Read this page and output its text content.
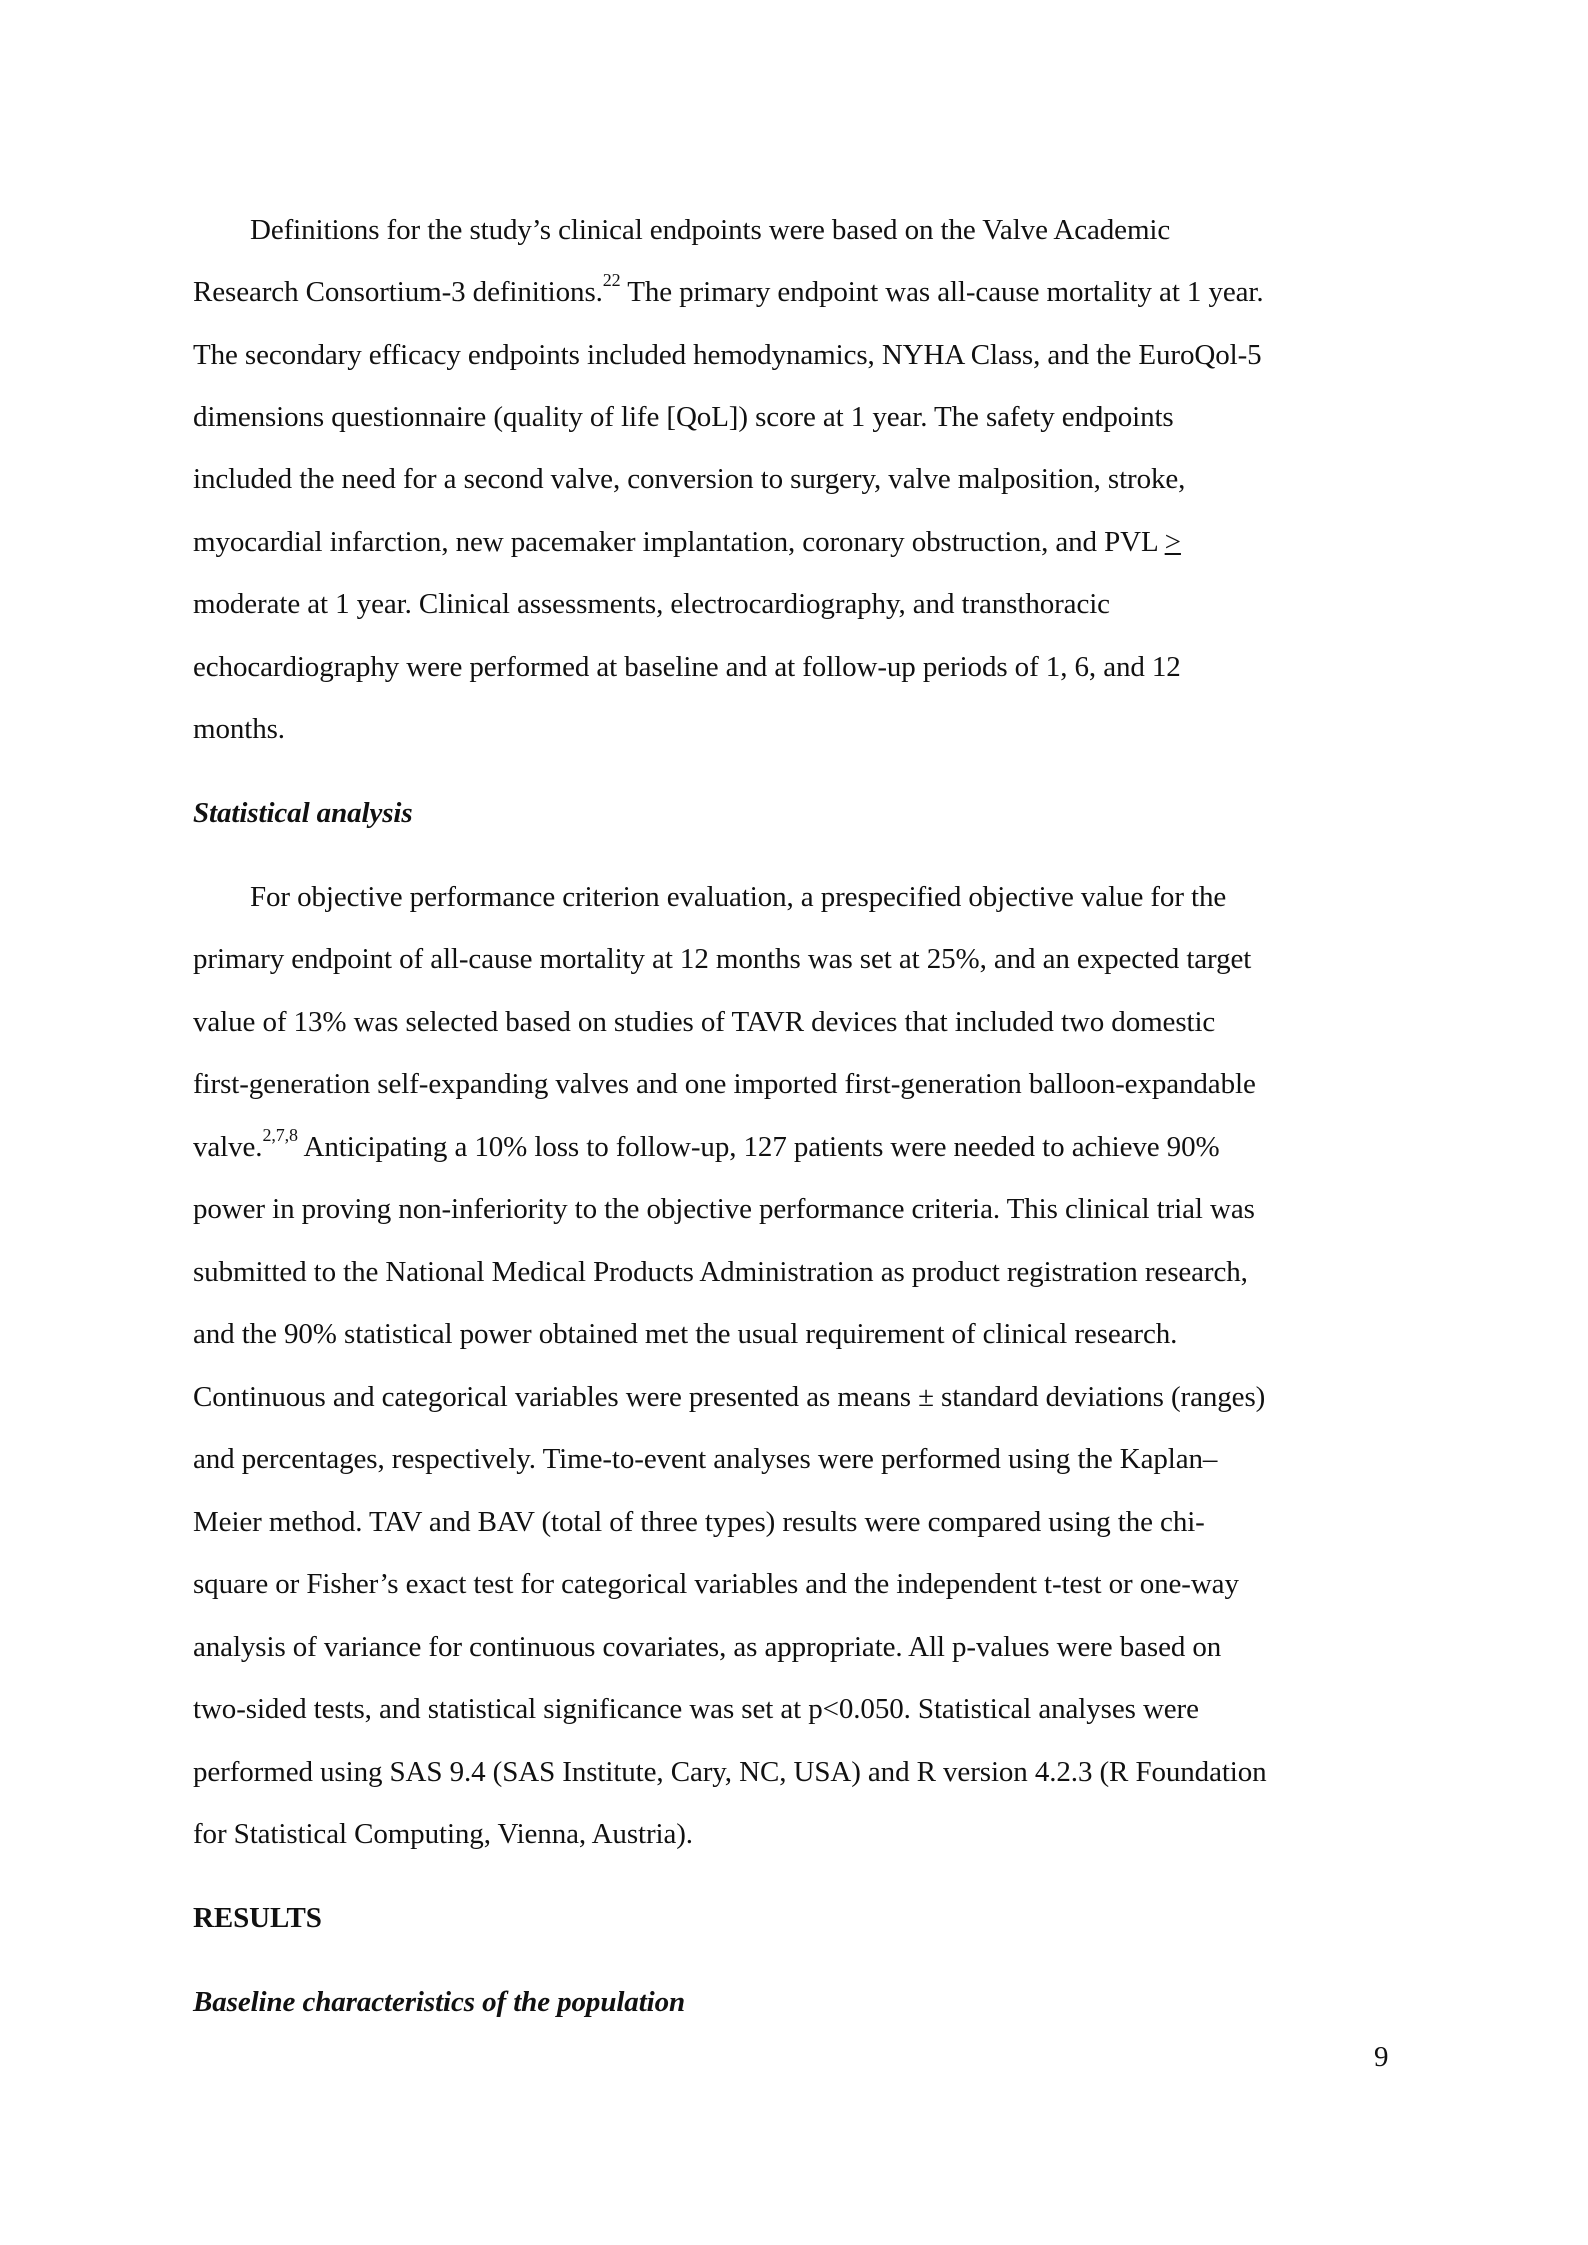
Definitions for the study’s clinical endpoints were based on the Valve Academic
Research Consortium-3 definitions.$^{22}$ The primary endpoint was all-cause mortality at 1 year.
The secondary efficacy endpoints included hemodynamics, NYHA Class, and the EuroQol-5
dimensions questionnaire (quality of life [QoL]) score at 1 year. The safety endpoints
included the need for a second valve, conversion to surgery, valve malposition, stroke,
myocardial infarction, new pacemaker implantation, coronary obstruction, and PVL >
moderate at 1 year. Clinical assessments, electrocardiography, and transthoracic
echocardiography were performed at baseline and at follow-up periods of 1, 6, and 12
months.
Statistical analysis
For objective performance criterion evaluation, a prespecified objective value for the
primary endpoint of all-cause mortality at 12 months was set at 25%, and an expected target
value of 13% was selected based on studies of TAVR devices that included two domestic
first-generation self-expanding valves and one imported first-generation balloon-expandable
valve.$^{2,7,8}$ Anticipating a 10% loss to follow-up, 127 patients were needed to achieve 90%
power in proving non-inferiority to the objective performance criteria. This clinical trial was
submitted to the National Medical Products Administration as product registration research,
and the 90% statistical power obtained met the usual requirement of clinical research.
Continuous and categorical variables were presented as means ± standard deviations (ranges)
and percentages, respectively. Time-to-event analyses were performed using the Kaplan–
Meier method. TAV and BAV (total of three types) results were compared using the chi-
square or Fisher’s exact test for categorical variables and the independent t-test or one-way
analysis of variance for continuous covariates, as appropriate. All p-values were based on
two-sided tests, and statistical significance was set at p<0.050. Statistical analyses were
performed using SAS 9.4 (SAS Institute, Cary, NC, USA) and R version 4.2.3 (R Foundation
for Statistical Computing, Vienna, Austria).
RESULTS
Baseline characteristics of the population
9
